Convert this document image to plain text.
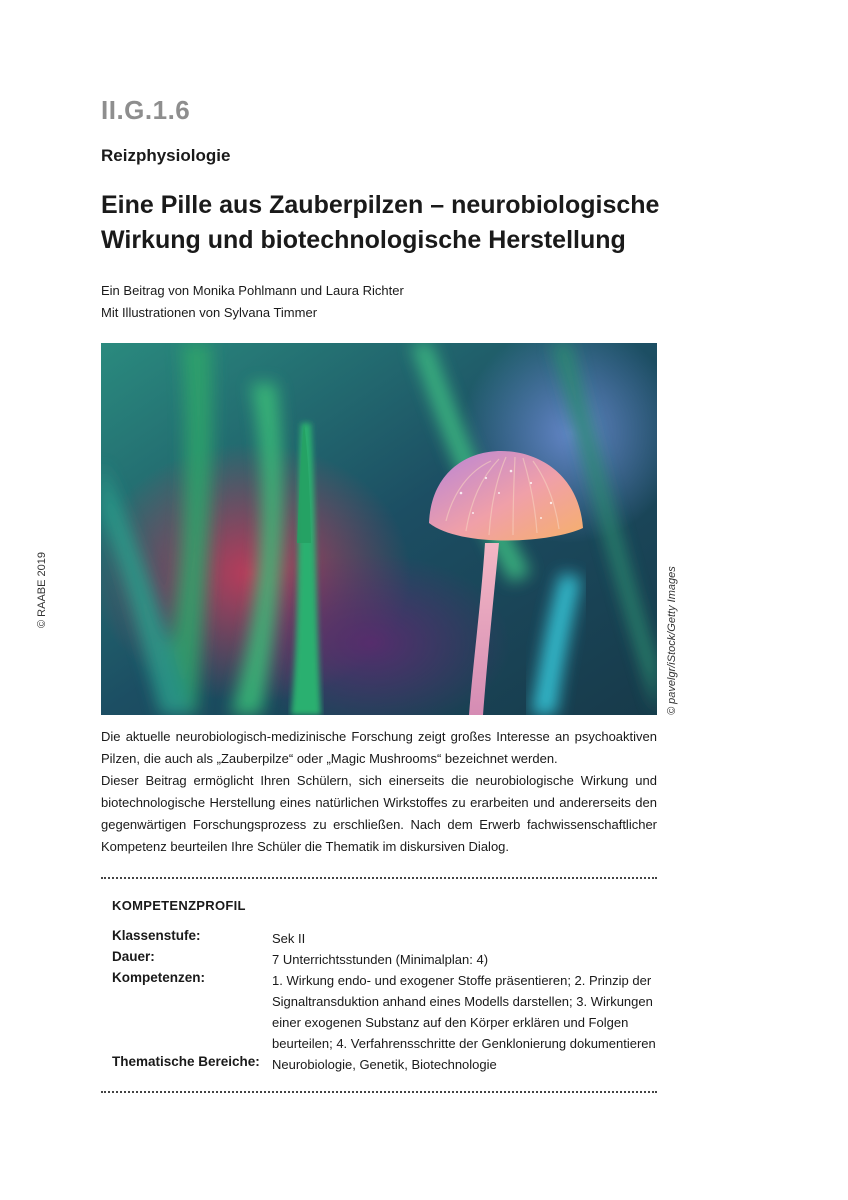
II.G.1.6
Reizphysiologie
Eine Pille aus Zauberpilzen – neurobiologische
Wirkung und biotechnologische Herstellung
Ein Beitrag von Monika Pohlmann und Laura Richter
Mit Illustrationen von Sylvana Timmer
© pavelgr/iStock/Getty Images
© RAABE 2019

Die aktuelle neurobiologisch-medizinische Forschung zeigt großes Interesse an psychoaktiven Pilzen, die auch als „Zauberpilze“ oder „Magic Mushrooms“ bezeichnet werden.

Dieser Beitrag ermöglicht Ihren Schülern, sich einerseits die neurobiologische Wirkung und biotechnologische Herstellung eines natürlichen Wirkstoffes zu erarbeiten und andererseits den gegenwärtigen Forschungsprozess zu erschließen. Nach dem Erwerb fachwissenschaftlicher Kompetenz beurteilen Ihre Schüler die Thematik im diskursiven Dialog.

KOMPETENZPROFIL
Klassenstufe:	Sek II
Dauer:	7 Unterrichtsstunden (Minimalplan: 4)
Kompetenzen:	1. Wirkung endo- und exogener Stoffe präsentieren; 2. Prinzip der Signaltransduktion anhand eines Modells darstellen; 3. Wirkungen einer exogenen Substanz auf den Körper erklären und Folgen beurteilen; 4. Verfahrensschritte der Genklonierung dokumentieren
Thematische Bereiche: Neurobiologie, Genetik, Biotechnologie
